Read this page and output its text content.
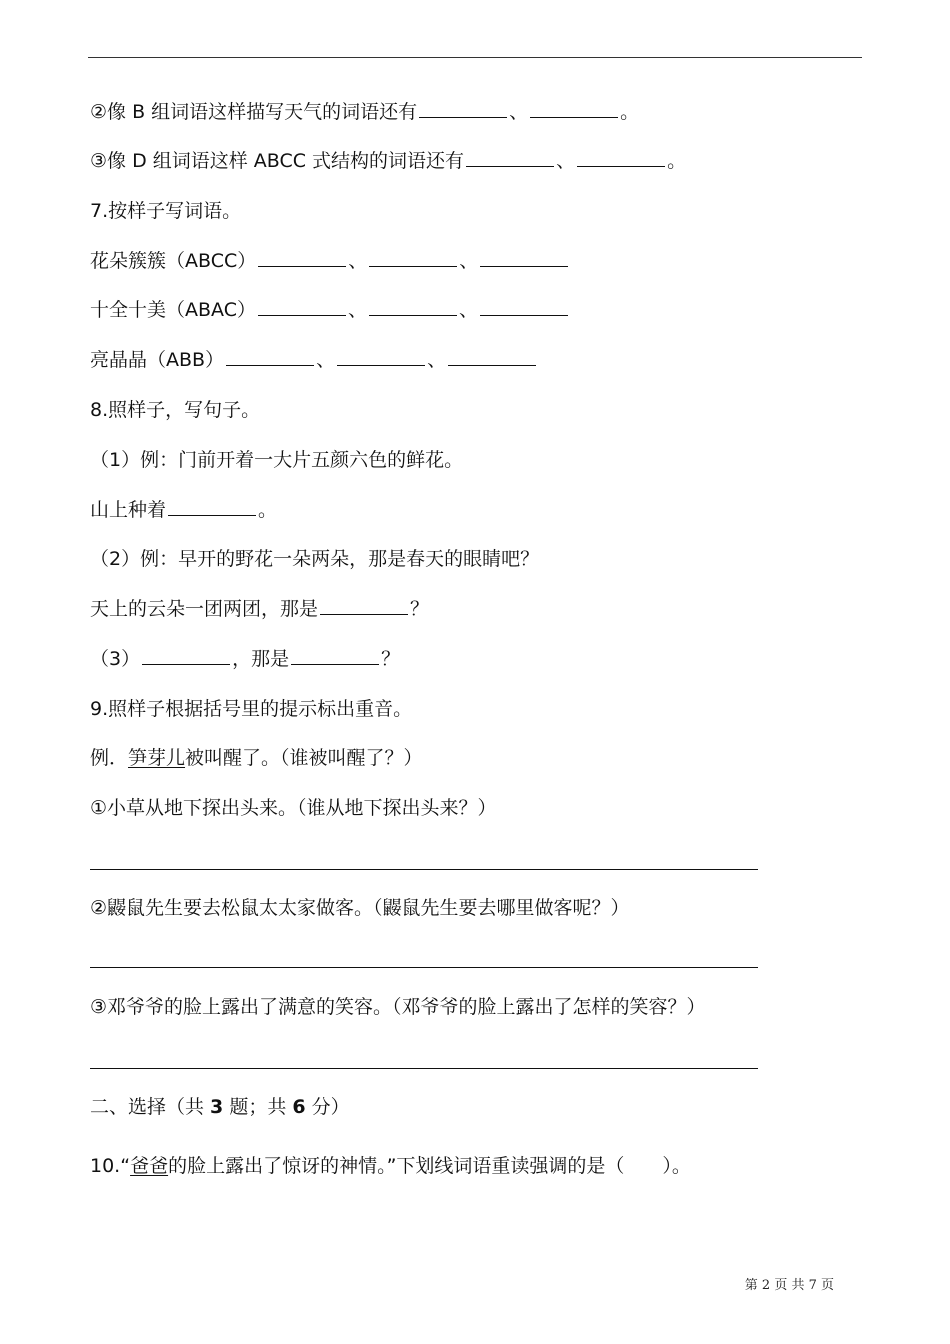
②像 B 组词语这样描写天气的词语还有	、	。
③像 D 组词语这样 ABCC 式结构的词语还有	、	。
7.按样子写词语。
花朵簇簇（ABCC）	、	、
十全十美（ABAC）	、	、
亮晶晶（ABB）	、	、
8.照样子，写句子。
（1）例：门前开着一大片五颜六色的鲜花。
山上种着	。
（2）例：早开的野花一朵两朵，那是春天的眼睛吧？
天上的云朵一团两团，那是	？
（3）	，那是	？
9.照样子根据括号里的提示标出重音。
例．笋芽儿被叫醒了。（谁被叫醒了？）
①小草从地下探出头来。（谁从地下探出头来？）
②鼹鼠先生要去松鼠太太家做客。（鼹鼠先生要去哪里做客呢？）
③邓爷爷的脸上露出了满意的笑容。（邓爷爷的脸上露出了怎样的笑容？）
二、选择（共 3 题；共 6 分）
10.“爸爸的脸上露出了惊讶的神情。”下划线词语重读强调的是（　　）。
第 2 页 共 7 页
